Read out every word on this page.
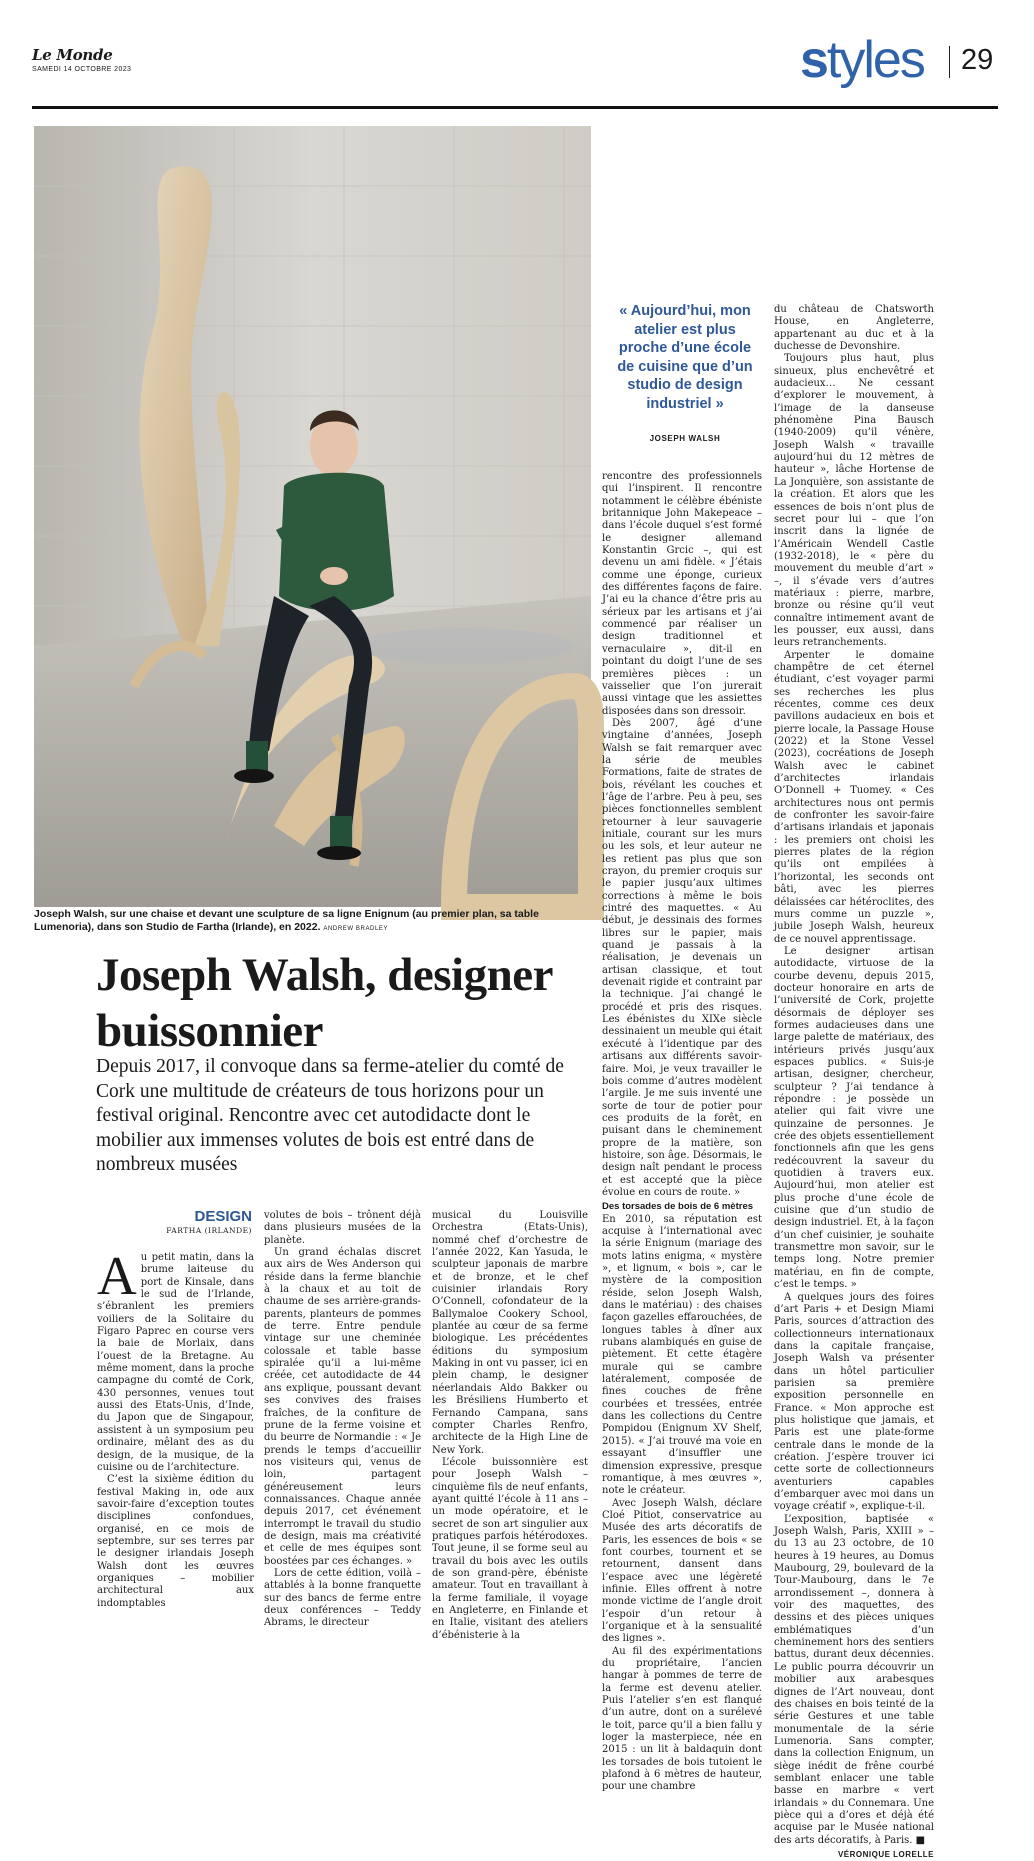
Le Monde
SAMEDI 14 OCTOBRE 2023	styles 29
Joseph Walsh, sur une chaise et devant une sculpture de sa ligne Enignum (au premier plan, sa table Lumenoria), dans son Studio de Fartha (Irlande), en 2022. ANDREW BRADLEY
Joseph Walsh, designer buissonnier
Depuis 2017, il convoque dans sa ferme-atelier du comté de Cork une multitude de créateurs de tous horizons pour un festival original. Rencontre avec cet autodidacte dont le mobilier aux immenses volutes de bois est entré dans de nombreux musées
« Aujourd’hui, mon atelier est plus proche d’une école de cuisine que d’un studio de design industriel »
JOSEPH WALSH
DESIGN
FARTHA (IRLANDE)

Au petit matin, dans la brume laiteuse du port de Kinsale, dans le sud de l’Irlande, s’ébranlent les premiers voiliers de la Solitaire du Figaro Paprec en course vers la baie de Morlaix, dans l’ouest de la Bretagne. Au même moment, dans la proche campagne du comté de Cork, 430 personnes, venues tout aussi des Etats-Unis, d’Inde, du Japon que de Singapour, assistent à un symposium peu ordinaire, mêlant des as du design, de la musique, de la cuisine ou de l’architecture.

C’est la sixième édition du festival Making in, ode aux savoir-faire d’exception toutes disciplines confondues, organisé, en ce mois de septembre, sur ses terres par le designer irlandais Joseph Walsh dont les œuvres organiques – mobilier architectural aux indomptables

volutes de bois – trônent déjà dans plusieurs musées de la planète.

Un grand échalas discret aux airs de Wes Anderson qui réside dans la ferme blanchie à la chaux et au toit de chaume de ses arrière-grands-parents, planteurs de pommes de terre. Entre pendule vintage sur une cheminée colossale et table basse spiralée qu’il a lui-même créée, cet autodidacte de 44 ans explique, poussant devant ses convives des fraises fraîches, de la confiture de prune de la ferme voisine et du beurre de Normandie : « Je prends le temps d’accueillir nos visiteurs qui, venus de loin, partagent généreusement leurs connaissances. Chaque année depuis 2017, cet événement interrompt le travail du studio de design, mais ma créativité et celle de mes équipes sont boostées par ces échanges. »

Lors de cette édition, voilà – attablés à la bonne franquette sur des bancs de ferme entre deux conférences – Teddy Abrams, le directeur

musical du Louisville Orchestra (Etats-Unis), nommé chef d’orchestre de l’année 2022, Kan Yasuda, le sculpteur japonais de marbre et de bronze, et le chef cuisinier irlandais Rory O’Connell, cofondateur de la Ballymaloe Cookery School, plantée au cœur de sa ferme biologique. Les précédentes éditions du symposium Making in ont vu passer, ici en plein champ, le designer néerlandais Aldo Bakker ou les Brésiliens Humberto et Fernando Campana, sans compter Charles Renfro, architecte de la High Line de New York.

L’école buissonnière est pour Joseph Walsh – cinquième fils de neuf enfants, ayant quitté l’école à 11 ans – un mode opératoire, et le secret de son art singulier aux pratiques parfois hétérodoxes. Tout jeune, il se forme seul au travail du bois avec les outils de son grand-père, ébéniste amateur. Tout en travaillant à la ferme familiale, il voyage en Angleterre, en Finlande et en Italie, visitant des ateliers d’ébénisterie à la

rencontre des professionnels qui l’inspirent. Il rencontre notamment le célèbre ébéniste britannique John Makepeace – dans l’école duquel s’est formé le designer allemand Konstantin Grcic –, qui est devenu un ami fidèle. « J’étais comme une éponge, curieux des différentes façons de faire. J’ai eu la chance d’être pris au sérieux par les artisans et j’ai commencé par réaliser un design traditionnel et vernaculaire », dit-il en pointant du doigt l’une de ses premières pièces : un vaisselier que l’on jurerait aussi vintage que les assiettes disposées dans son dressoir.

Dès 2007, âgé d’une vingtaine d’années, Joseph Walsh se fait remarquer avec la série de meubles Formations, faite de strates de bois, révélant les couches et l’âge de l’arbre. Peu à peu, ses pièces fonctionnelles semblent retourner à leur sauvagerie initiale, courant sur les murs ou les sols, et leur auteur ne les retient pas plus que son crayon, du premier croquis sur le papier jusqu’aux ultimes corrections à même le bois cintré des maquettes. « Au début, je dessinais des formes libres sur le papier, mais quand je passais à la réalisation, je devenais un artisan classique, et tout devenait rigide et contraint par la technique. J’ai changé le procédé et pris des risques. Les ébénistes du XIXe siècle dessinaient un meuble qui était exécuté à l’identique par des artisans aux différents savoir-faire. Moi, je veux travailler le bois comme d’autres modèlent l’argile. Je me suis inventé une sorte de tour de potier pour ces produits de la forêt, en puisant dans le cheminement propre de la matière, son histoire, son âge. Désormais, le design naît pendant le process et est accepté que la pièce évolue en cours de route. »

Des torsades de bois de 6 mètres

En 2010, sa réputation est acquise à l’international avec la série Enignum (mariage des mots latins enigma, « mystère », et lignum, « bois », car le mystère de la composition réside, selon Joseph Walsh, dans le matériau) : des chaises façon gazelles effarouchées, de longues tables à dîner aux rubans alambiqués en guise de piètement. Et cette étagère murale qui se cambre latéralement, composée de fines couches de frêne courbées et tressées, entrée dans les collections du Centre Pompidou (Enignum XV Shelf, 2015). « J’ai trouvé ma voie en essayant d’insuffler une dimension expressive, presque romantique, à mes œuvres », note le créateur.

Avec Joseph Walsh, déclare Cloé Pitiot, conservatrice au Musée des arts décoratifs de Paris, les essences de bois « se font courbes, tournent et se retournent, dansent dans l’espace avec une légèreté infinie. Elles offrent à notre monde victime de l’angle droit l’espoir d’un retour à l’organique et à la sensualité des lignes ».

Au fil des expérimentations du propriétaire, l’ancien hangar à pommes de terre de la ferme est devenu atelier. Puis l’atelier s’en est flanqué d’un autre, dont on a surélevé le toit, parce qu’il a bien fallu y loger la masterpiece, née en 2015 : un lit à baldaquin dont les torsades de bois tutoient le plafond à 6 mètres de hauteur, pour une chambre

du château de Chatsworth House, en Angleterre, appartenant au duc et à la duchesse de Devonshire.

Toujours plus haut, plus sinueux, plus enchevêtré et audacieux… Ne cessant d’explorer le mouvement, à l’image de la danseuse phénomène Pina Bausch (1940-2009) qu’il vénère, Joseph Walsh « travaille aujourd’hui du 12 mètres de hauteur », lâche Hortense de La Jonquière, son assistante de la création. Et alors que les essences de bois n’ont plus de secret pour lui – que l’on inscrit dans la lignée de l’Américain Wendell Castle (1932-2018), le « père du mouvement du meuble d’art » –, il s’évade vers d’autres matériaux : pierre, marbre, bronze ou résine qu’il veut connaître intimement avant de les pousser, eux aussi, dans leurs retranchements.

Arpenter le domaine champêtre de cet éternel étudiant, c’est voyager parmi ses recherches les plus récentes, comme ces deux pavillons audacieux en bois et pierre locale, la Passage House (2022) et la Stone Vessel (2023), cocréations de Joseph Walsh avec le cabinet d’architectes irlandais O’Donnell + Tuomey. « Ces architectures nous ont permis de confronter les savoir-faire d’artisans irlandais et japonais : les premiers ont choisi les pierres plates de la région qu’ils ont empilées à l’horizontal, les seconds ont bâti, avec les pierres délaissées car hétéroclites, des murs comme un puzzle », jubile Joseph Walsh, heureux de ce nouvel apprentissage.

Le designer artisan autodidacte, virtuose de la courbe devenu, depuis 2015, docteur honoraire en arts de l’université de Cork, projette désormais de déployer ses formes audacieuses dans une large palette de matériaux, des intérieurs privés jusqu’aux espaces publics. « Suis-je artisan, designer, chercheur, sculpteur ? J’ai tendance à répondre : je possède un atelier qui fait vivre une quinzaine de personnes. Je crée des objets essentiellement fonctionnels afin que les gens redécouvrent la saveur du quotidien à travers eux. Aujourd’hui, mon atelier est plus proche d’une école de cuisine que d’un studio de design industriel. Et, à la façon d’un chef cuisinier, je souhaite transmettre mon savoir, sur le temps long. Notre premier matériau, en fin de compte, c’est le temps. »

A quelques jours des foires d’art Paris + et Design Miami Paris, sources d’attraction des collectionneurs internationaux dans la capitale française, Joseph Walsh va présenter dans un hôtel particulier parisien sa première exposition personnelle en France. « Mon approche est plus holistique que jamais, et Paris est une plate-forme centrale dans le monde de la création. J’espère trouver ici cette sorte de collectionneurs aventuriers capables d’embarquer avec moi dans un voyage créatif », explique-t-il.

L’exposition, baptisée « Joseph Walsh, Paris, XXIII » – du 13 au 23 octobre, de 10 heures à 19 heures, au Domus Maubourg, 29, boulevard de la Tour-Maubourg, dans le 7e arrondissement –, donnera à voir des maquettes, des dessins et des pièces uniques emblématiques d’un cheminement hors des sentiers battus, durant deux décennies. Le public pourra découvrir un mobilier aux arabesques dignes de l’Art nouveau, dont des chaises en bois teinté de la série Gestures et une table monumentale de la série Lumenoria. Sans compter, dans la collection Enignum, un siège inédit de frêne courbé semblant enlacer une table basse en marbre « vert irlandais » du Connemara. Une pièce qui a d’ores et déjà été acquise par le Musée national des arts décoratifs, à Paris. ■

VÉRONIQUE LORELLE
